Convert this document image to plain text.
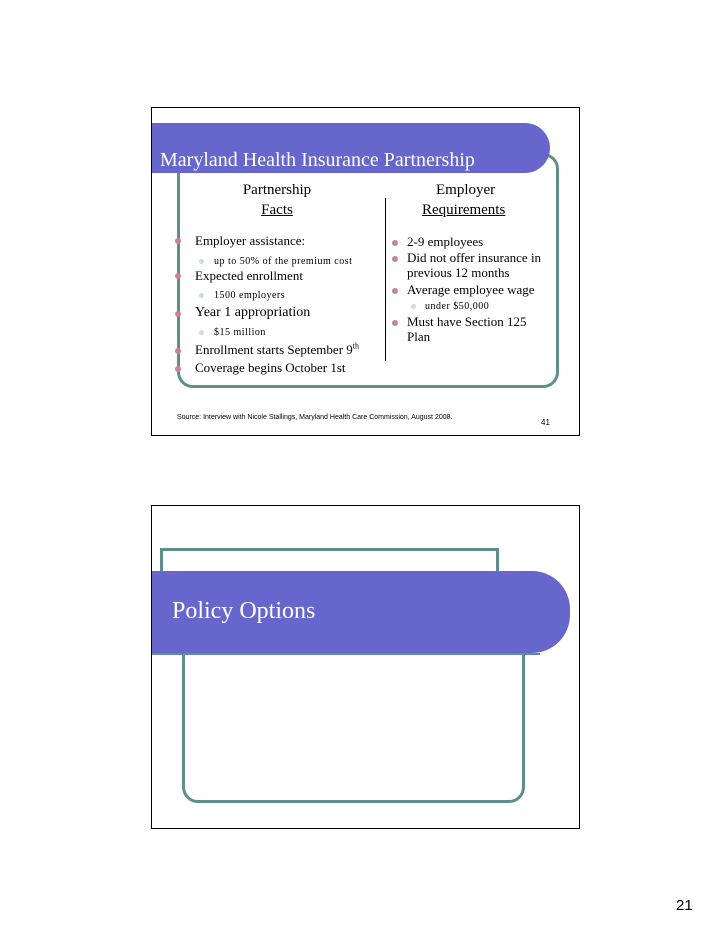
Maryland Health Insurance Partnership
Partnership
Facts
Employer
Requirements
Employer assistance:
up to 50% of the premium cost
Expected enrollment
1500 employers
Year 1 appropriation
$15 million
Enrollment starts September 9th
Coverage begins October 1st
2-9 employees
Did not offer insurance in
previous 12 months
Average employee wage
under $50,000
Must have Section 125
Plan
Source: Interview with Nicole Stallings, Maryland Health Care Commission, August 2008.
41
Policy Options
21
